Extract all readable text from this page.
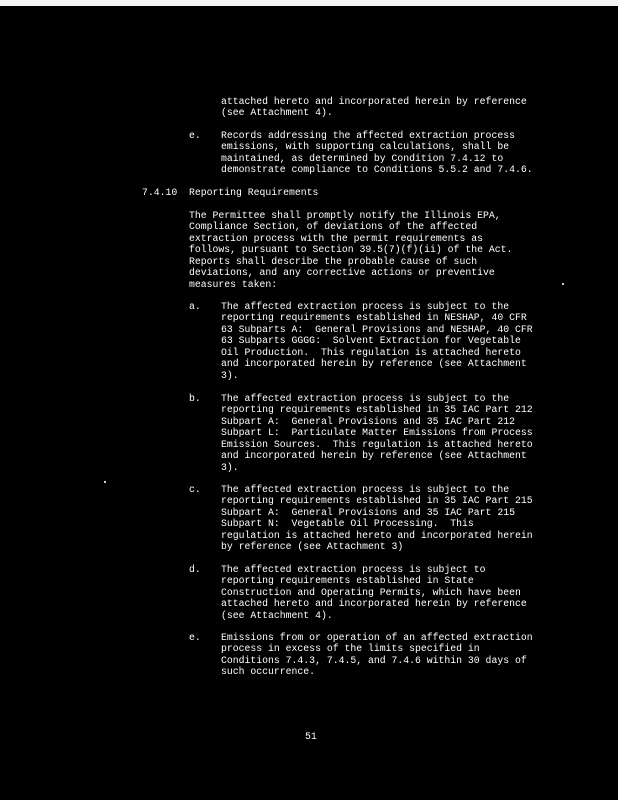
attached hereto and incorporated herein by reference
(see Attachment 4).

e. Records addressing the affected extraction process
emissions, with supporting calculations, shall be
maintained, as determined by Condition 7.4.12 to
demonstrate compliance to Conditions 5.5.2 and 7.4.6.

7.4.10 Reporting Requirements

The Permittee shall promptly notify the Illinois EPA,
Compliance Section, of deviations of the affected
extraction process with the permit requirements as
follows, pursuant to Section 39.5(7)(f)(ii) of the Act.
Reports shall describe the probable cause of such
deviations, and any corrective actions or preventive
measures taken:

a. The affected extraction process is subject to the
reporting requirements established in NESHAP, 40 CFR
63 Subparts A:  General Provisions and NESHAP, 40 CFR
63 Subparts GGGG:  Solvent Extraction for Vegetable
Oil Production.  This regulation is attached hereto
and incorporated herein by reference (see Attachment
3).

b. The affected extraction process is subject to the
reporting requirements established in 35 IAC Part 212
Subpart A:  General Provisions and 35 IAC Part 212
Subpart L:  Particulate Matter Emissions from Process
Emission Sources.  This regulation is attached hereto
and incorporated herein by reference (see Attachment
3).

c. The affected extraction process is subject to the
reporting requirements established in 35 IAC Part 215
Subpart A:  General Provisions and 35 IAC Part 215
Subpart N:  Vegetable Oil Processing.  This
regulation is attached hereto and incorporated herein
by reference (see Attachment 3)

d. The affected extraction process is subject to
reporting requirements established in State
Construction and Operating Permits, which have been
attached hereto and incorporated herein by reference
(see Attachment 4).

e. Emissions from or operation of an affected extraction
process in excess of the limits specified in
Conditions 7.4.3, 7.4.5, and 7.4.6 within 30 days of
such occurrence.

51
